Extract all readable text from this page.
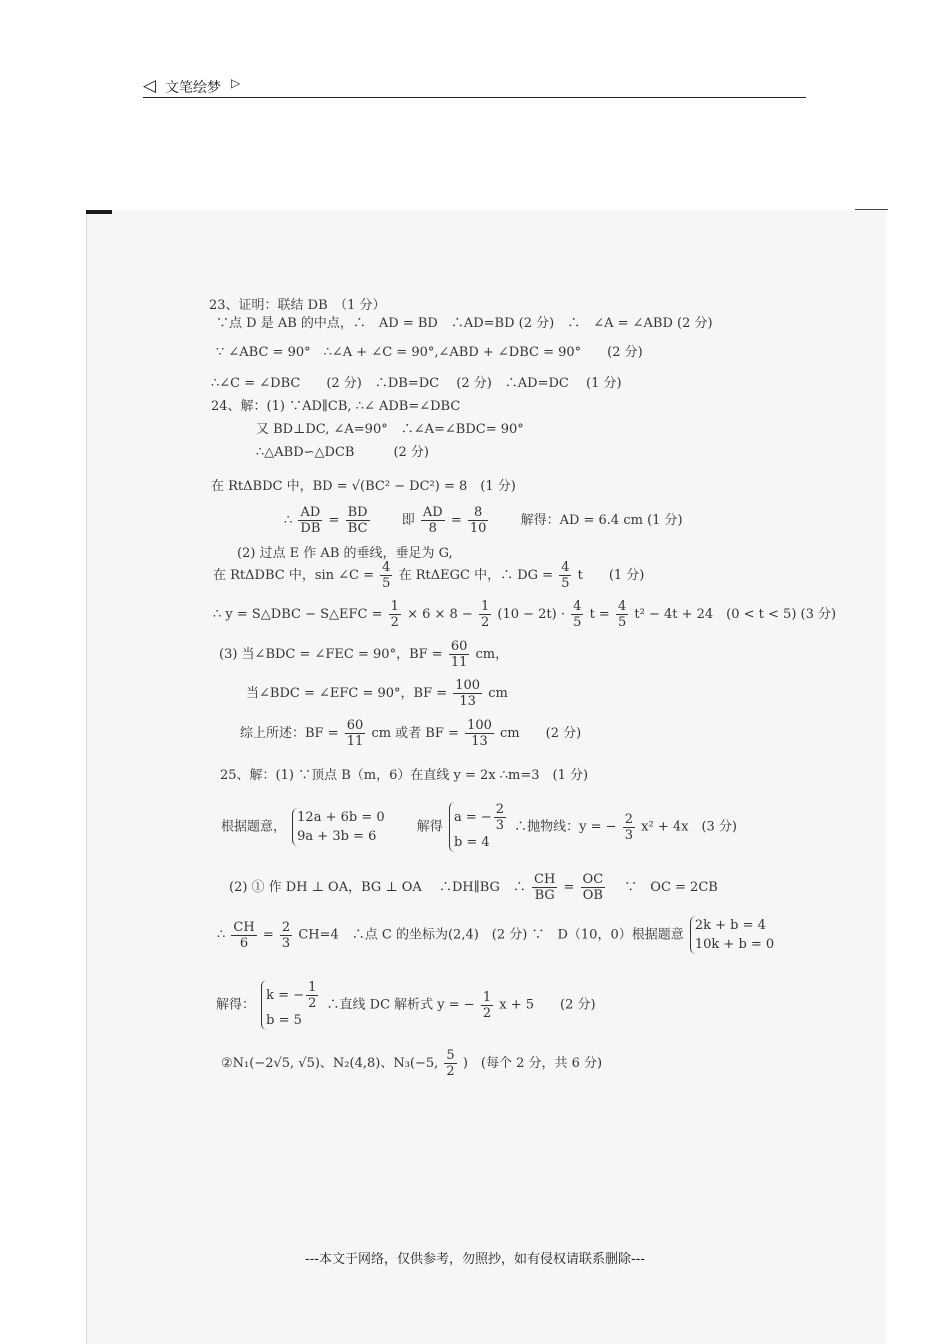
◁ 文笔绘梦 ▷
23、证明：联结 DB　（1 分）
∵点 D 是 AB 的中点，∴　AD = BD　∴AD=BD (2 分)　∴　∠A = ∠ABD (2 分)
∵ ∠ABC = 90°　∴∠A + ∠C = 90°,∠ABD + ∠DBC = 90°　　(2 分)
∴∠C = ∠DBC　　(2 分)　∴DB=DC　 (2 分)　∴AD=DC　 (1 分)
24、解：(1) ∵AD∥CB, ∴∠ ADB=∠DBC
又 BD⊥DC, ∠A=90°　∴∠A=∠BDC= 90°
∴△ABD∽△DCB　　　(2 分)
在 RtΔBDC 中，BD = √(BC² − DC²) = 8　(1 分)
∴ $\frac{AD}{DB} = \frac{BD}{BC}$ 　　即 $\frac{AD}{8} = \frac{8}{10}$ 　　解得：AD = 6.4 cm (1 分)
(2) 过点 E 作 AB 的垂线，垂足为 G,
在 RtΔDBC 中，sin ∠C = $\frac{4}{5}$ 在 RtΔEGC 中，∴ DG = $\frac{4}{5}$ t　　(1 分)
∴ y = S△DBC − S△EFC = $\frac{1}{2} \times 6 \times 8 - \frac{1}{2} (10 - 2t) \cdot \frac{4}{5}$ $t = \frac{4}{5} t^2 - 4t + 24$　(0 < t < 5) (3 分)
(3) 当∠BDC = ∠FEC = 90°，BF = $\frac{60}{11}$ cm，
当∠BDC = ∠EFC = 90°，BF = $\frac{100}{13}$ cm
综上所述：BF = $\frac{60}{11}$ cm 或者 BF = $\frac{100}{13}$ cm　　(2 分)
25、解：(1) ∵顶点 B（m，6）在直线 y = 2x ∴m=3　(1 分)
根据题意，
12a + 6b = 0
9a + 3b = 6
　　解得
a = − $\frac{2}{3}$
b = 4
∴抛物线：y = − $\frac{2}{3} x^2 + 4x$　(3 分)
(2) ① 作 DH ⊥ OA，BG ⊥ OA　 ∴DH∥BG　∴ $\frac{CH}{BG} = \frac{OC}{OB}$ 　∵　OC = 2CB
∴ $\frac{CH}{6} = \frac{2}{3} CH=4$　∴点 C 的坐标为(2,4)　(2 分) ∵　D（10，0）根据题意
2k + b = 4
10k + b = 0
解得：
k = − $\frac{1}{2}$
b = 5
∴直线 DC 解析式 y = − $\frac{1}{2}$ x + 5　　(2 分)
②N₁(−2√5, √5)、N₂(4,8)、N₃(−5, $\frac{5}{2}$ )　(每个 2 分，共 6 分)
---本文于网络，仅供参考，勿照抄，如有侵权请联系删除---
